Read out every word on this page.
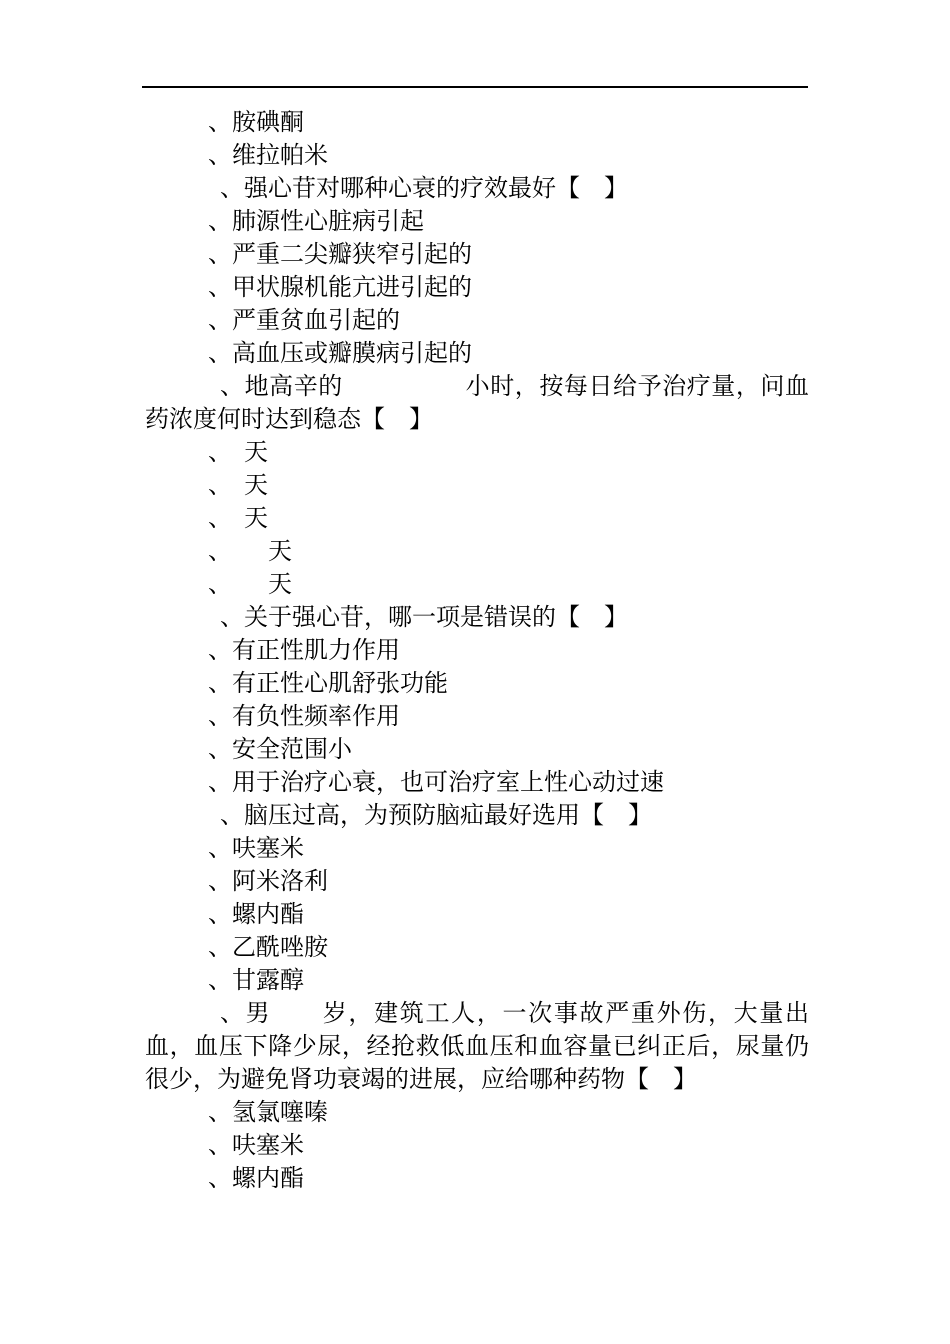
、胺碘酮
、维拉帕米
、强心苷对哪种心衰的疗效最好【　】
、肺源性心脏病引起
、严重二尖瓣狭窄引起的
、甲状腺机能亢进引起的
、严重贫血引起的
、高血压或瓣膜病引起的
、地高辛的　　　　　小时，按每日给予治疗量，问血药浓度何时达到稳态【　】
、　天
、　天
、　天
、　　天
、　　天
、关于强心苷，哪一项是错误的【　】
、有正性肌力作用
、有正性心肌舒张功能
、有负性频率作用
、安全范围小
、用于治疗心衰，也可治疗室上性心动过速
、脑压过高，为预防脑疝最好选用【　】
、呋塞米
、阿米洛利
、螺内酯
、乙酰唑胺
、甘露醇
、男　　岁，建筑工人，一次事故严重外伤，大量出血，血压下降少尿，经抢救低血压和血容量已纠正后，尿量仍很少，为避免肾功衰竭的进展，应给哪种药物【　】
、氢氯噻嗪
、呋塞米
、螺内酯
